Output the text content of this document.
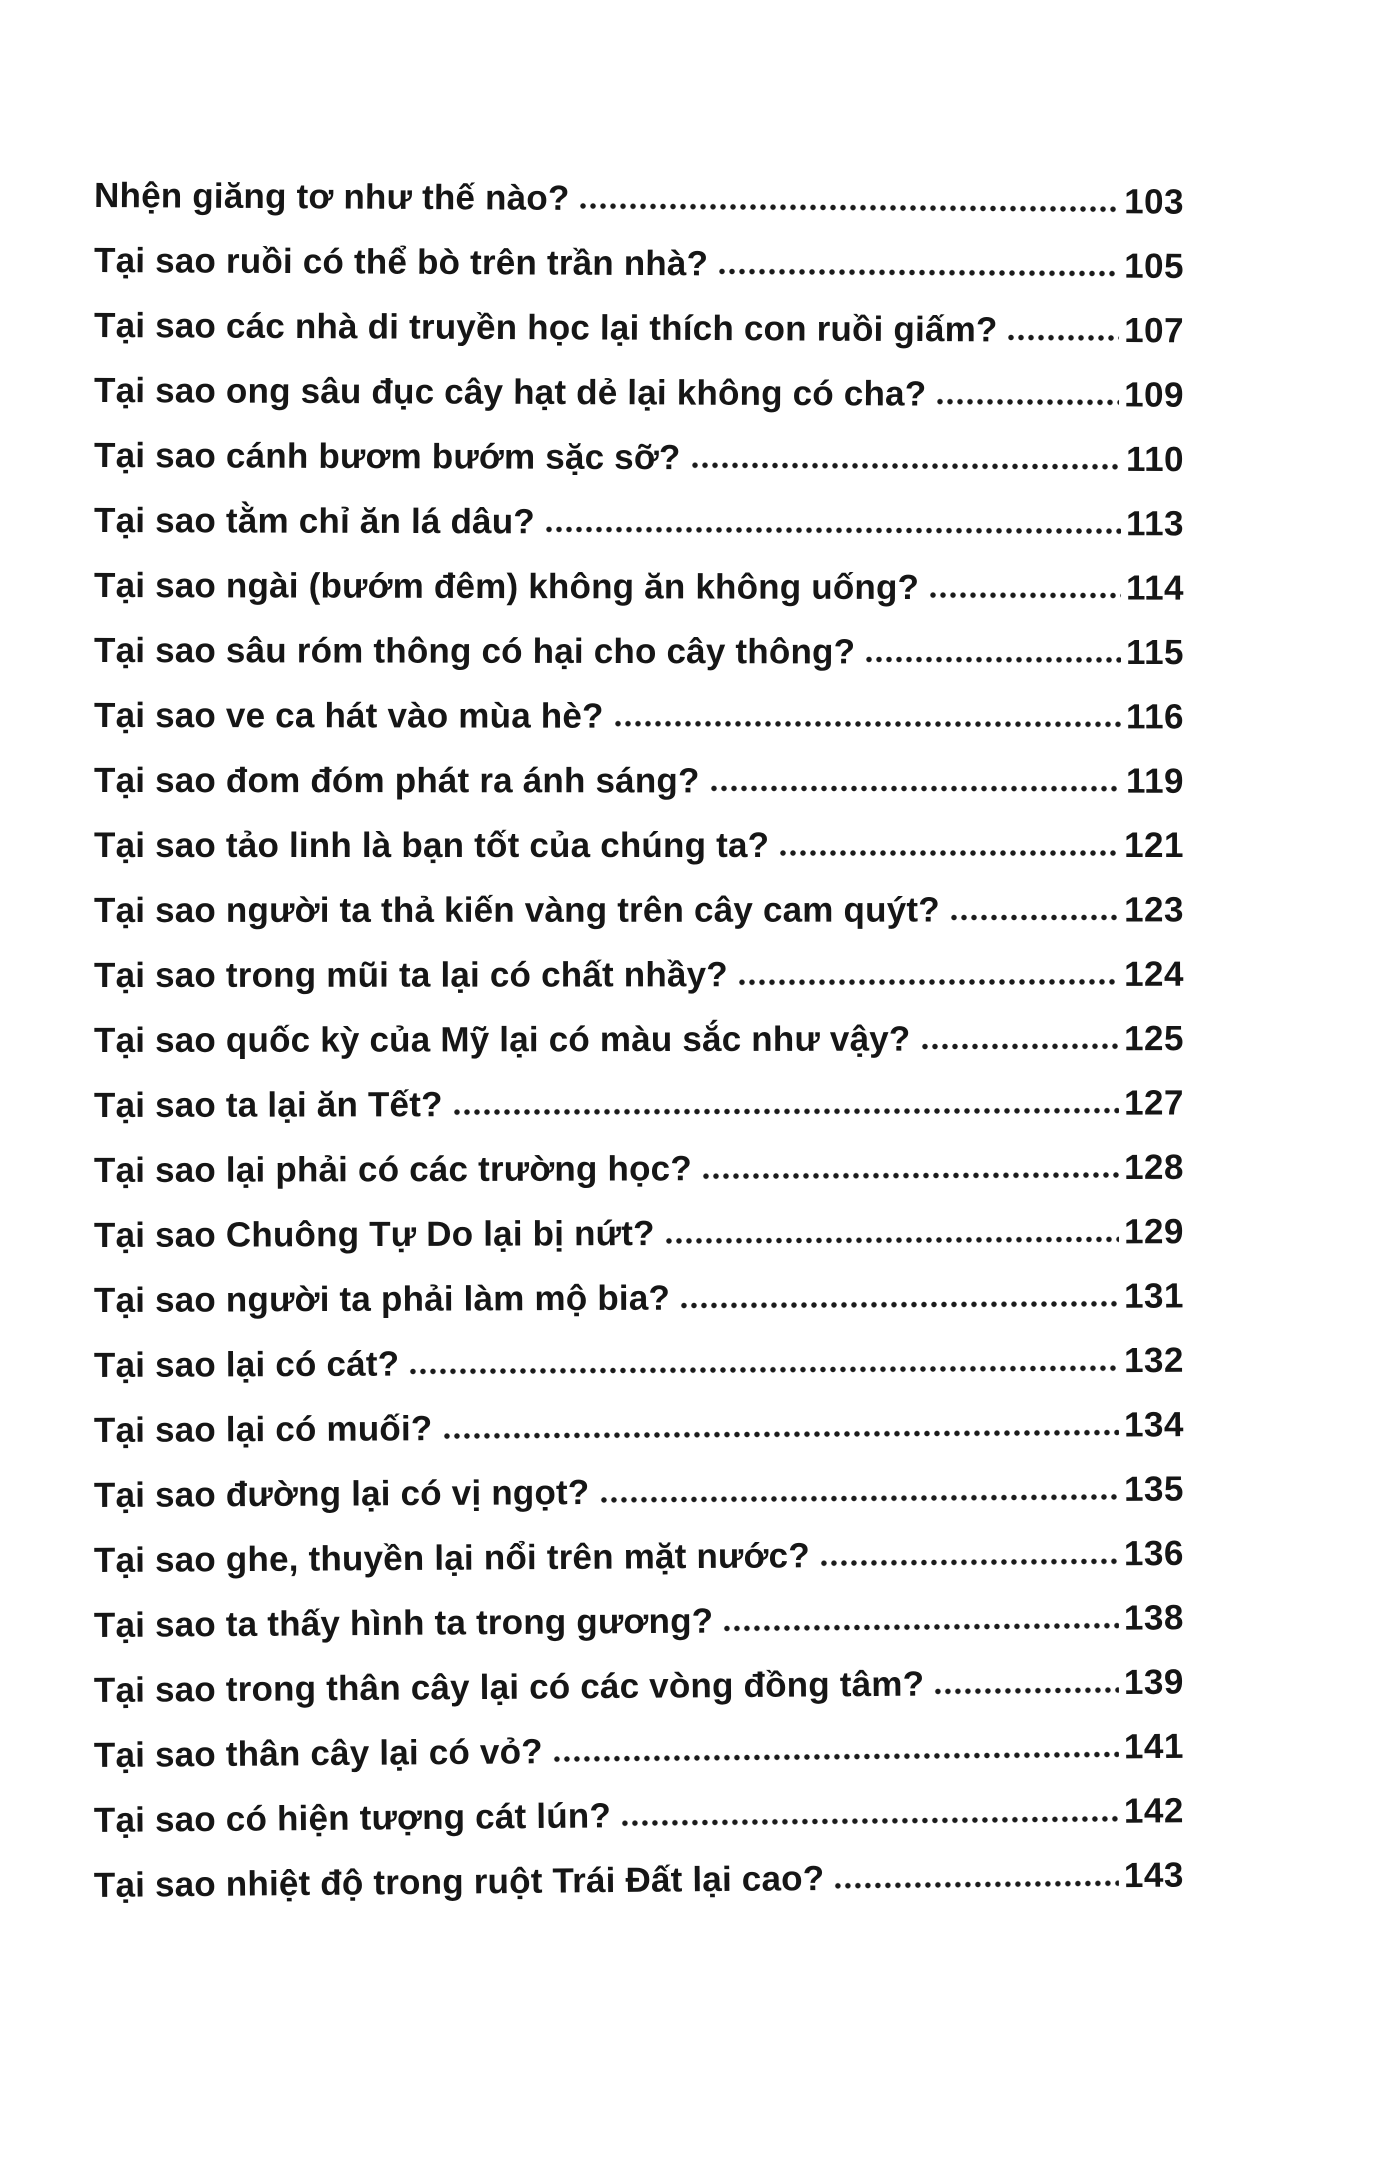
Nhện giăng tơ như thế nào?	103
Tại sao ruồi có thể bò trên trần nhà?	105
Tại sao các nhà di truyền học lại thích con ruồi giấm?	107
Tại sao ong sâu đục cây hạt dẻ lại không có cha?	109
Tại sao cánh bươm bướm sặc sỡ?	110
Tại sao tằm chỉ ăn lá dâu?	113
Tại sao ngài (bướm đêm) không ăn không uống?	114
Tại sao sâu róm thông có hại cho cây thông?	115
Tại sao ve ca hát vào mùa hè?	116
Tại sao đom đóm phát ra ánh sáng?	119
Tại sao tảo linh là bạn tốt của chúng ta?	121
Tại sao người ta thả kiến vàng trên cây cam quýt?	123
Tại sao trong mũi ta lại có chất nhầy?	124
Tại sao quốc kỳ của Mỹ lại có màu sắc như vậy?	125
Tại sao ta lại ăn Tết?	127
Tại sao lại phải có các trường học?	128
Tại sao Chuông Tự Do lại bị nứt?	129
Tại sao người ta phải làm mộ bia?	131
Tại sao lại có cát?	132
Tại sao lại có muối?	134
Tại sao đường lại có vị ngọt?	135
Tại sao ghe, thuyền lại nổi trên mặt nước?	136
Tại sao ta thấy hình ta trong gương?	138
Tại sao trong thân cây lại có các vòng đồng tâm?	139
Tại sao thân cây lại có vỏ?	141
Tại sao có hiện tượng cát lún?	142
Tại sao nhiệt độ trong ruột Trái Đất lại cao?	143
